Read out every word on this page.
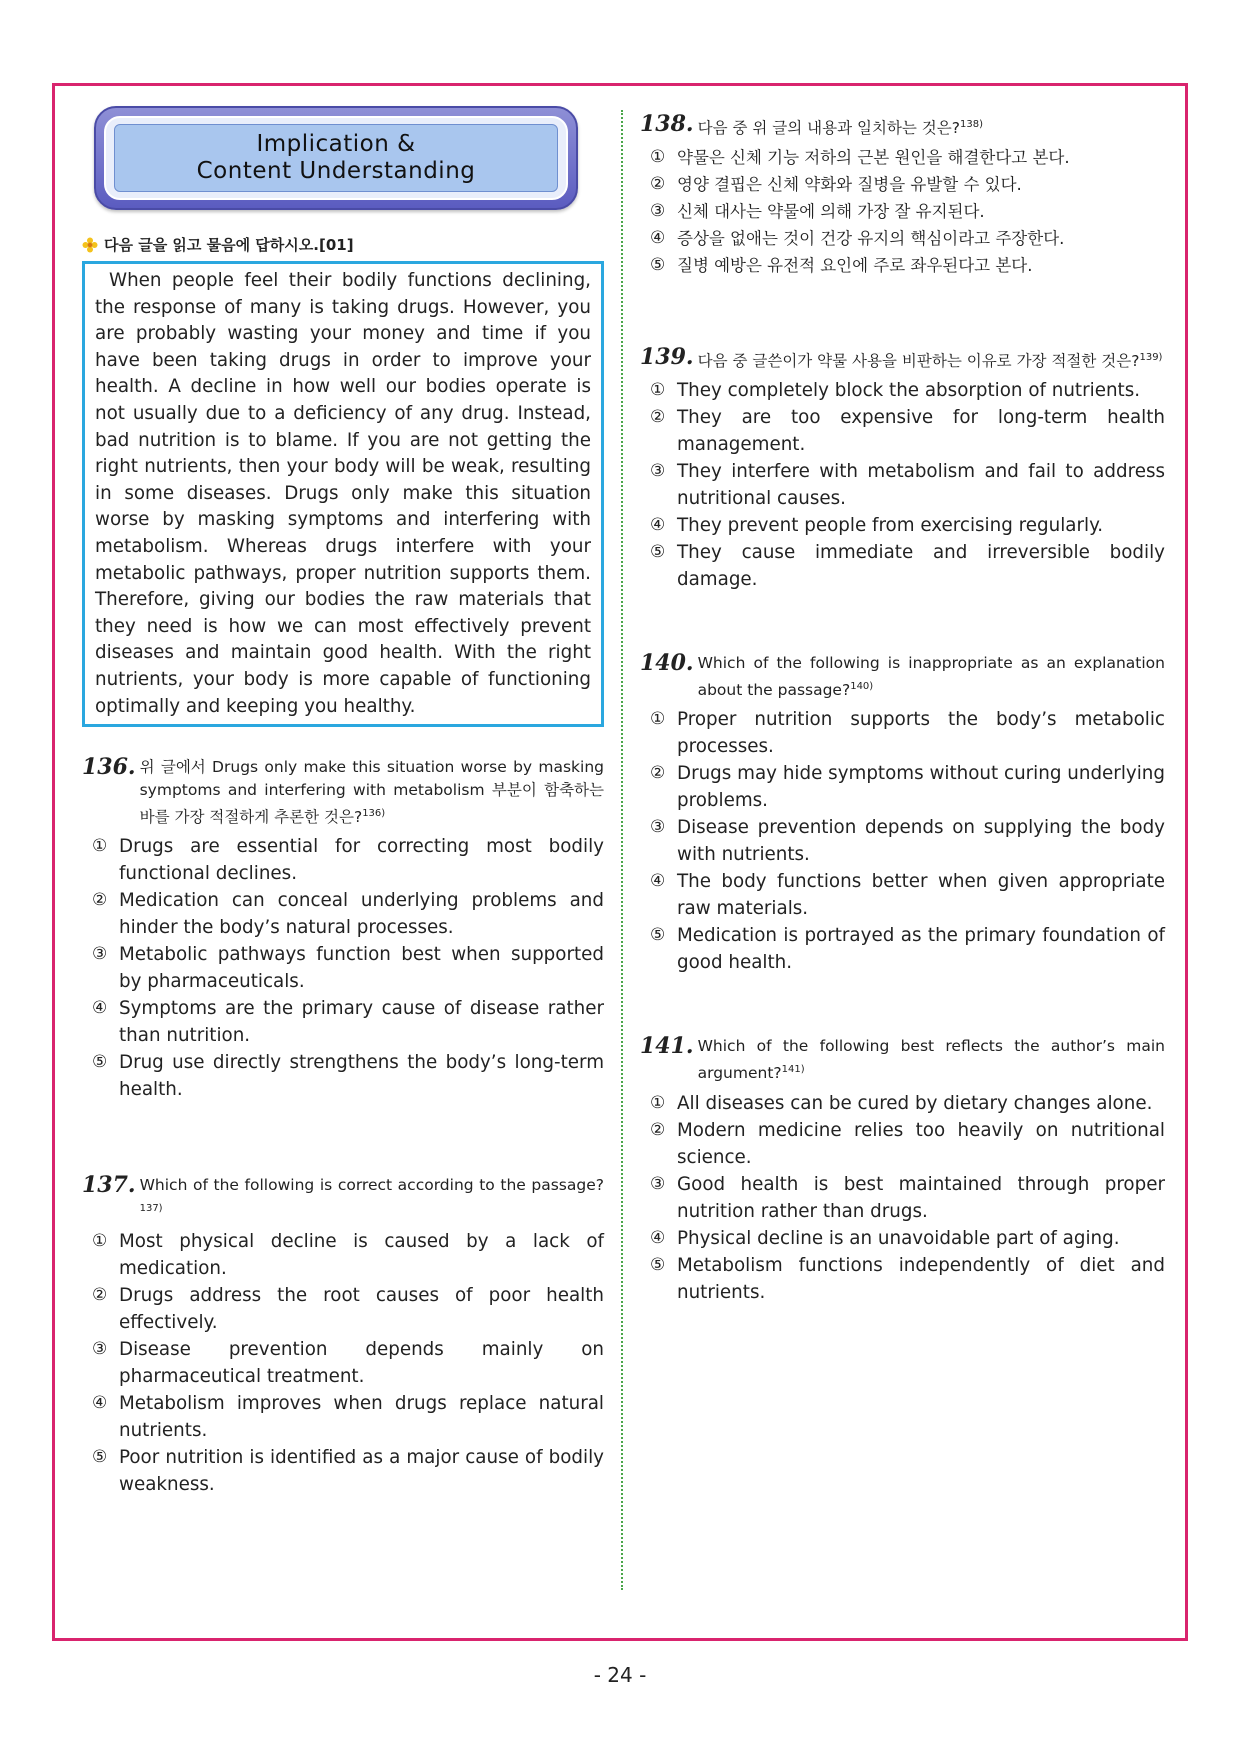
Implication &
Content Understanding
다음 글을 읽고 물음에 답하시오.[01]

When people feel their bodily functions declining, the response of many is taking drugs. However, you are probably wasting your money and time if you have been taking drugs in order to improve your health. A decline in how well our bodies operate is not usually due to a deficiency of any drug. Instead, bad nutrition is to blame. If you are not getting the right nutrients, then your body will be weak, resulting in some diseases. Drugs only make this situation worse by masking symptoms and interfering with metabolism. Whereas drugs interfere with your metabolic pathways, proper nutrition supports them. Therefore, giving our bodies the raw materials that they need is how we can most effectively prevent diseases and maintain good health. With the right nutrients, your body is more capable of functioning optimally and keeping you healthy.

136. 위 글에서 Drugs only make this situation worse by masking symptoms and interfering with metabolism 부분이 함축하는 바를 가장 적절하게 추론한 것은?$^{136)}$
① Drugs are essential for correcting most bodily functional declines.
② Medication can conceal underlying problems and hinder the body’s natural processes.
③ Metabolic pathways function best when supported by pharmaceuticals.
④ Symptoms are the primary cause of disease rather than nutrition.
⑤ Drug use directly strengthens the body’s long-term health.
137. Which of the following is correct according to the passage?$^{137)}$
① Most physical decline is caused by a lack of medication.
② Drugs address the root causes of poor health effectively.
③ Disease prevention depends mainly on pharmaceutical treatment.
④ Metabolism improves when drugs replace natural nutrients.
⑤ Poor nutrition is identified as a major cause of bodily weakness.
138. 다음 중 위 글의 내용과 일치하는 것은?$^{138)}$
① 약물은 신체 기능 저하의 근본 원인을 해결한다고 본다.
② 영양 결핍은 신체 약화와 질병을 유발할 수 있다.
③ 신체 대사는 약물에 의해 가장 잘 유지된다.
④ 증상을 없애는 것이 건강 유지의 핵심이라고 주장한다.
⑤ 질병 예방은 유전적 요인에 주로 좌우된다고 본다.
139. 다음 중 글쓴이가 약물 사용을 비판하는 이유로 가장 적절한 것은?$^{139)}$
① They completely block the absorption of nutrients.
② They are too expensive for long-term health management.
③ They interfere with metabolism and fail to address nutritional causes.
④ They prevent people from exercising regularly.
⑤ They cause immediate and irreversible bodily damage.
140. Which of the following is inappropriate as an explanation about the passage?$^{140)}$
① Proper nutrition supports the body’s metabolic processes.
② Drugs may hide symptoms without curing underlying problems.
③ Disease prevention depends on supplying the body with nutrients.
④ The body functions better when given appropriate raw materials.
⑤ Medication is portrayed as the primary foundation of good health.
141. Which of the following best reflects the author’s main argument?$^{141)}$
① All diseases can be cured by dietary changes alone.
② Modern medicine relies too heavily on nutritional science.
③ Good health is best maintained through proper nutrition rather than drugs.
④ Physical decline is an unavoidable part of aging.
⑤ Metabolism functions independently of diet and nutrients.
- 24 -
